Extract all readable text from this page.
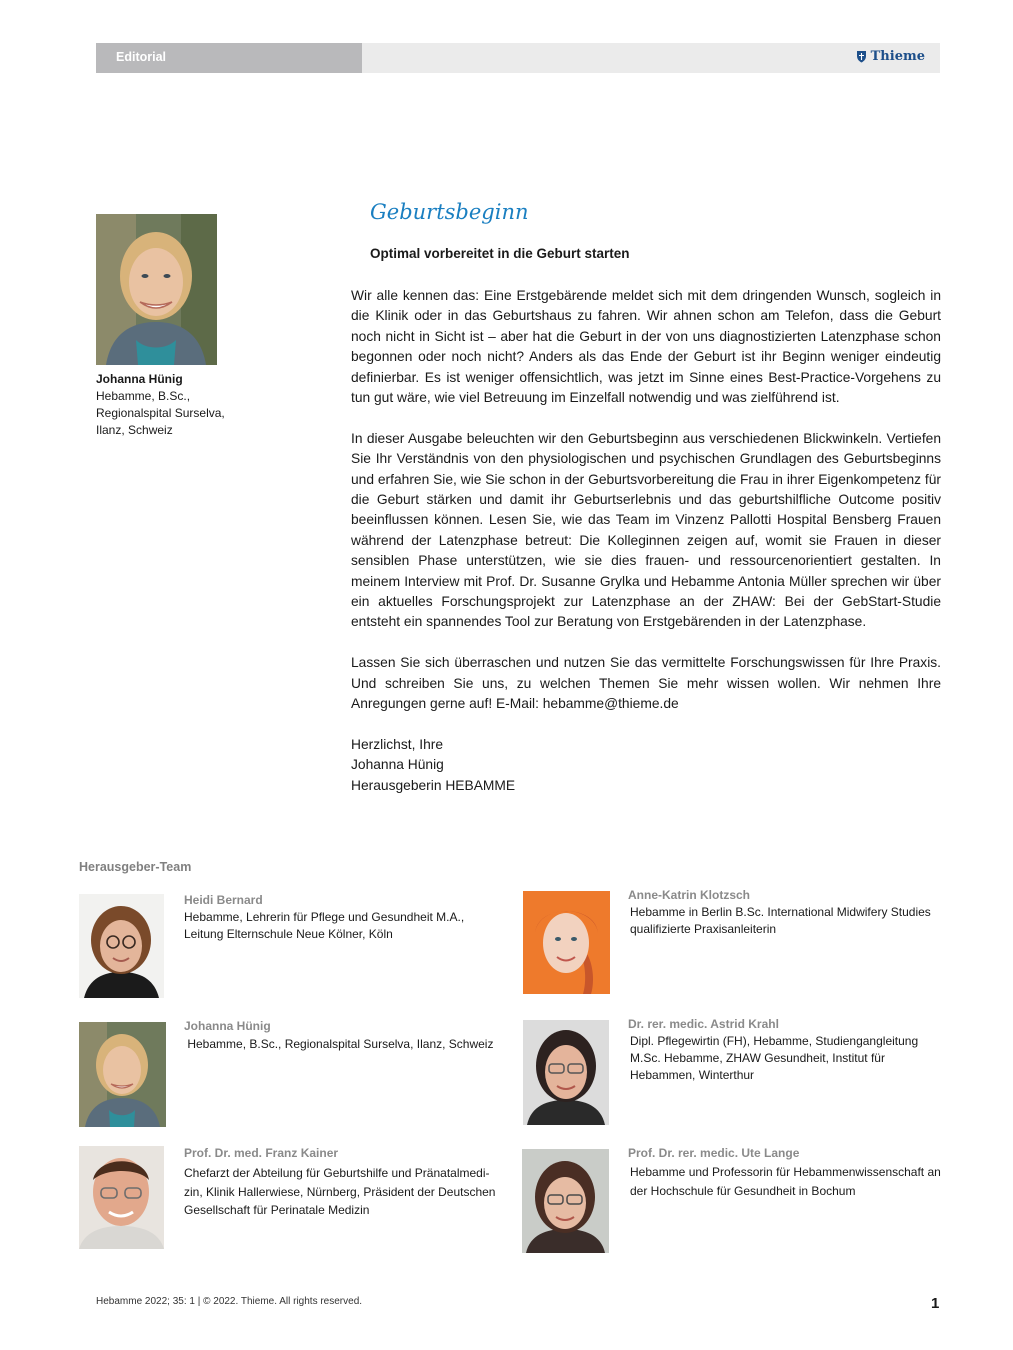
Editorial	Thieme
Johanna Hünig
Hebamme, B.Sc.,
Regionalspital Surselva,
Ilanz, Schweiz
Geburtsbeginn
Optimal vorbereitet in die Geburt starten

Wir alle kennen das: Eine Erstgebärende meldet sich mit dem dringenden Wunsch, sogleich in die Klinik oder in das Geburtshaus zu fahren. Wir ahnen schon am Telefon, dass die Geburt noch nicht in Sicht ist – aber hat die Geburt in der von uns diagnostizierten Latenzphase schon begonnen oder noch nicht? Anders als das Ende der Geburt ist ihr Beginn weniger eindeutig definierbar. Es ist weniger offensichtlich, was jetzt im Sinne eines Best-Practice-Vorgehens zu tun gut wäre, wie viel Betreuung im Einzelfall notwendig und was zielführend ist.

In dieser Ausgabe beleuchten wir den Geburtsbeginn aus verschiedenen Blickwinkeln. Vertiefen Sie Ihr Verständnis von den physiologischen und psychischen Grundlagen des Geburtsbeginns und erfahren Sie, wie Sie schon in der Geburtsvorbereitung die Frau in ihrer Eigenkompetenz für die Geburt stärken und damit ihr Geburtserlebnis und das geburtshilfliche Outcome positiv beeinflussen können. Lesen Sie, wie das Team im Vinzenz Pallotti Hospital Bensberg Frauen während der Latenzphase betreut: Die Kolleginnen zeigen auf, womit sie Frauen in dieser sensiblen Phase unterstützen, wie sie dies frauen- und ressourcenorientiert gestalten. In meinem Interview mit Prof. Dr. Susanne Grylka und Hebamme Antonia Müller sprechen wir über ein aktuelles Forschungsprojekt zur Latenzphase an der ZHAW: Bei der GebStart-Studie entsteht ein spannendes Tool zur Beratung von Erstgebärenden in der Latenzphase.

Lassen Sie sich überraschen und nutzen Sie das vermittelte Forschungswissen für Ihre Praxis. Und schreiben Sie uns, zu welchen Themen Sie mehr wissen wollen. Wir nehmen Ihre Anregungen gerne auf! E-Mail: hebamme@thieme.de

Herzlichst, Ihre
Johanna Hünig
Herausgeberin HEBAMME
Herausgeber-Team
Heidi Bernard
Hebamme, Lehrerin für Pflege und Gesundheit M.A.,
Leitung Elternschule Neue Kölner, Köln
Johanna Hünig
Hebamme, B.Sc., Regionalspital Surselva, Ilanz, Schweiz
Prof. Dr. med. Franz Kainer
Chefarzt der Abteilung für Geburtshilfe und Pränatalmedi-
zin, Klinik Hallerwiese, Nürnberg, Präsident der Deutschen
Gesellschaft für Perinatale Medizin
Anne-Katrin Klotzsch
Hebamme in Berlin B.Sc. International Midwifery Studies
qualifizierte Praxisanleiterin
Dr. rer. medic. Astrid Krahl
Dipl. Pflegewirtin (FH), Hebamme, Studiengangleitung
M.Sc. Hebamme, ZHAW Gesundheit, Institut für
Hebammen, Winterthur
Prof. Dr. rer. medic. Ute Lange
Hebamme und Professorin für Hebammenwissenschaft an
der Hochschule für Gesundheit in Bochum
Hebamme 2022; 35: 1 | © 2022. Thieme. All rights reserved.	1
